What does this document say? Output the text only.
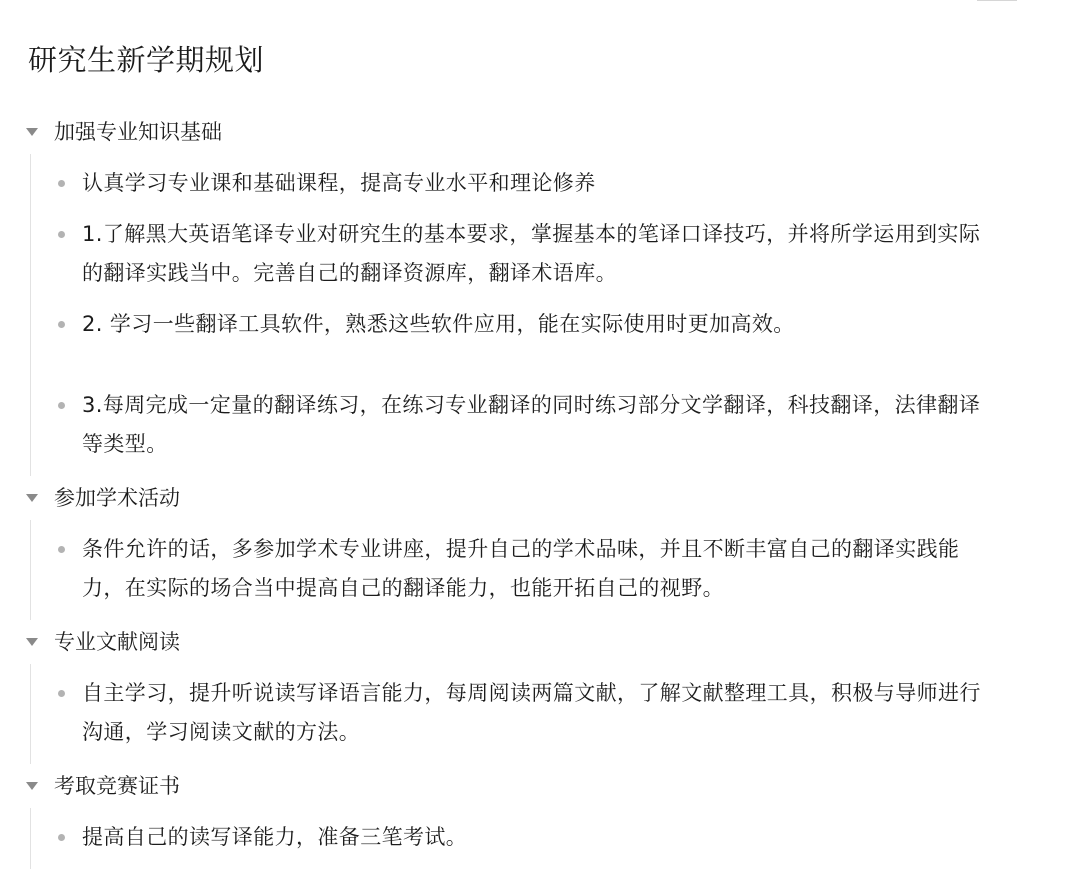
研究生新学期规划
加强专业知识基础
认真学习专业课和基础课程，提高专业水平和理论修养
1.了解黑大英语笔译专业对研究生的基本要求，掌握基本的笔译口译技巧，并将所学运用到实际的翻译实践当中。完善自己的翻译资源库，翻译术语库。
2. 学习一些翻译工具软件，熟悉这些软件应用，能在实际使用时更加高效。
3.每周完成一定量的翻译练习，在练习专业翻译的同时练习部分文学翻译，科技翻译，法律翻译等类型。
参加学术活动
条件允许的话，多参加学术专业讲座，提升自己的学术品味，并且不断丰富自己的翻译实践能力，在实际的场合当中提高自己的翻译能力，也能开拓自己的视野。
专业文献阅读
自主学习，提升听说读写译语言能力，每周阅读两篇文献，了解文献整理工具，积极与导师进行沟通，学习阅读文献的方法。
考取竞赛证书
提高自己的读写译能力，准备三笔考试。
